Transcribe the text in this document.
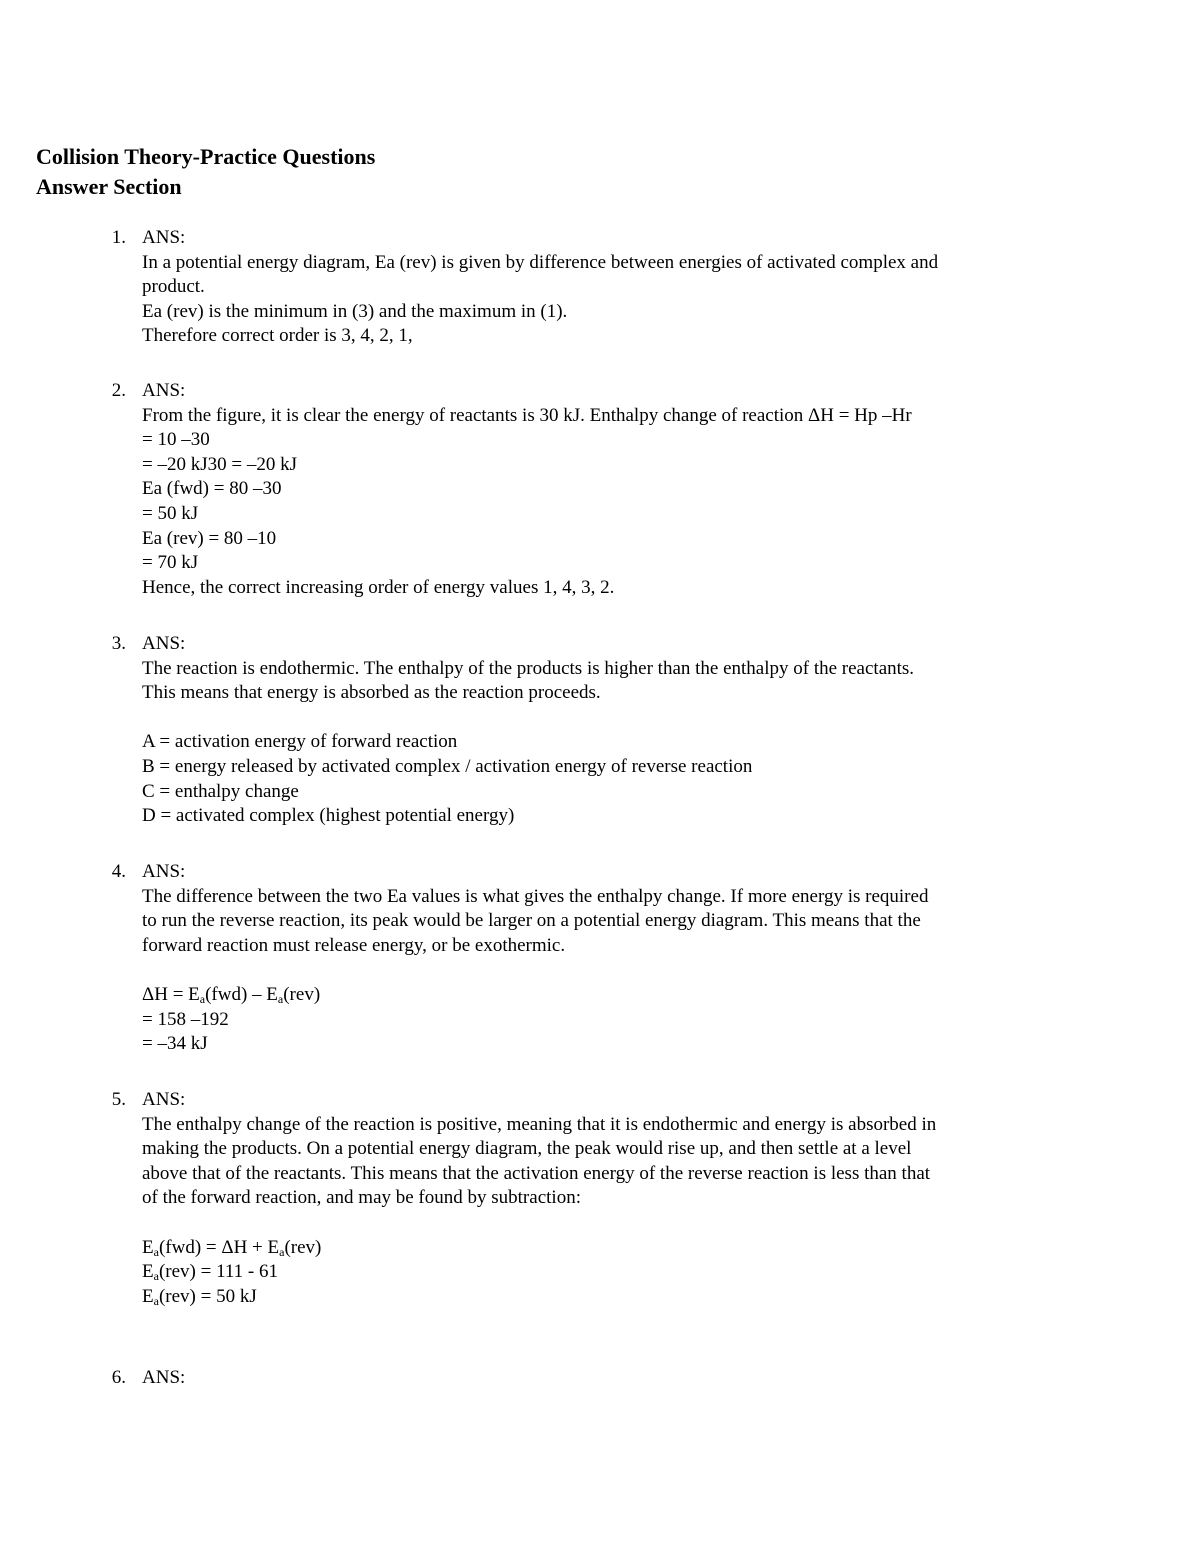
Collision Theory-Practice Questions
Answer Section
1. ANS:
In a potential energy diagram, Ea (rev) is given by difference between energies of activated complex and
product.
Ea (rev) is the minimum in (3) and the maximum in (1).
Therefore correct order is 3, 4, 2, 1,
2. ANS:
From the figure, it is clear the energy of reactants is 30 kJ. Enthalpy change of reaction ΔH = Hp –Hr
= 10 –30
= –20 kJ30 = –20 kJ
Ea (fwd) = 80 –30
= 50 kJ
Ea (rev) = 80 –10
= 70 kJ
Hence, the correct increasing order of energy values 1, 4, 3, 2.
3. ANS:
The reaction is endothermic. The enthalpy of the products is higher than the enthalpy of the reactants.
This means that energy is absorbed as the reaction proceeds.
A = activation energy of forward reaction
B = energy released by activated complex / activation energy of reverse reaction
C = enthalpy change
D = activated complex (highest potential energy)
4. ANS:
The difference between the two Ea values is what gives the enthalpy change. If more energy is required
to run the reverse reaction, its peak would be larger on a potential energy diagram. This means that the
forward reaction must release energy, or be exothermic.
$\Delta H = E_a(fwd) - E_a(rev)$
= 158 –192
= –34 kJ
5. ANS:
The enthalpy change of the reaction is positive, meaning that it is endothermic and energy is absorbed in
making the products. On a potential energy diagram, the peak would rise up, and then settle at a level
above that of the reactants. This means that the activation energy of the reverse reaction is less than that
of the forward reaction, and may be found by subtraction:
$E_a(fwd) = \Delta H + E_a(rev)$
$E_a(rev) = 111 - 61$
$E_a(rev) = 50$ kJ
6. ANS:
